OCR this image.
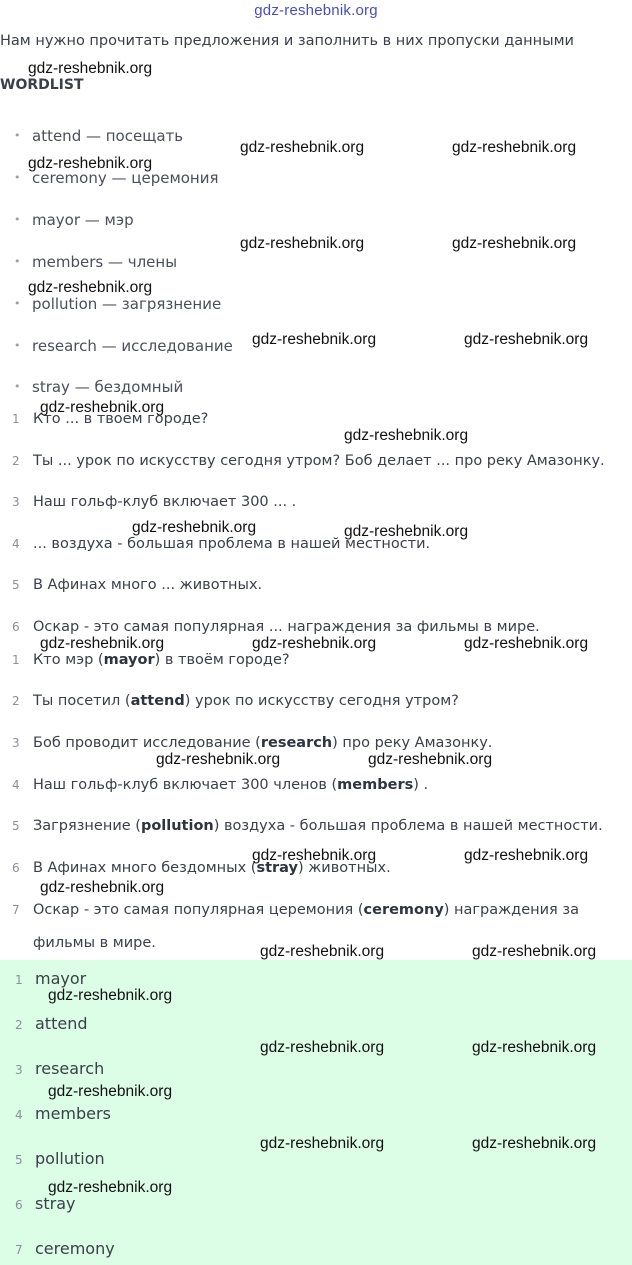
gdz-reshebnik.org
Нам нужно прочитать предложения и заполнить в них пропуски данными
WORDLIST
• attend — посещать
• ceremony — церемония
• mayor — мэр
• members — члены
• pollution — загрязнение
• research — исследование
• stray — бездомный
1 Кто ... в твоем городе?
2 Ты ... урок по искусству сегодня утром? Боб делает ... про реку Амазонку.
3 Наш гольф-клуб включает 300 ... .
4 ... воздуха - большая проблема в нашей местности.
5 В Афинах много ... животных.
6 Оскар - это самая популярная ... награждения за фильмы в мире.
1 Кто мэр (mayor) в твоём городе?
2 Ты посетил (attend) урок по искусству сегодня утром?
3 Боб проводит исследование (research) про реку Амазонку.
4 Наш гольф-клуб включает 300 членов (members) .
5 Загрязнение (pollution) воздуха - большая проблема в нашей местности.
6 В Афинах много бездомных (stray) животных.
7 Оскар - это самая популярная церемония (ceremony) награждения за
фильмы в мире.
1 mayor
2 attend
3 research
4 members
5 pollution
6 stray
7 ceremony
gdz-reshebnik.org
gdz-reshebnik.org	gdz-reshebnik.org
gdz-reshebnik.org
gdz-reshebnik.org	gdz-reshebnik.org
gdz-reshebnik.org
gdz-reshebnik.org	gdz-reshebnik.org
gdz-reshebnik.org
gdz-reshebnik.org
gdz-reshebnik.org	gdz-reshebnik.org
gdz-reshebnik.org	gdz-reshebnik.org	gdz-reshebnik.org
gdz-reshebnik.org	gdz-reshebnik.org
gdz-reshebnik.org	gdz-reshebnik.org
gdz-reshebnik.org
gdz-reshebnik.org	gdz-reshebnik.org
gdz-reshebnik.org
gdz-reshebnik.org	gdz-reshebnik.org
gdz-reshebnik.org
gdz-reshebnik.org	gdz-reshebnik.org
gdz-reshebnik.org
